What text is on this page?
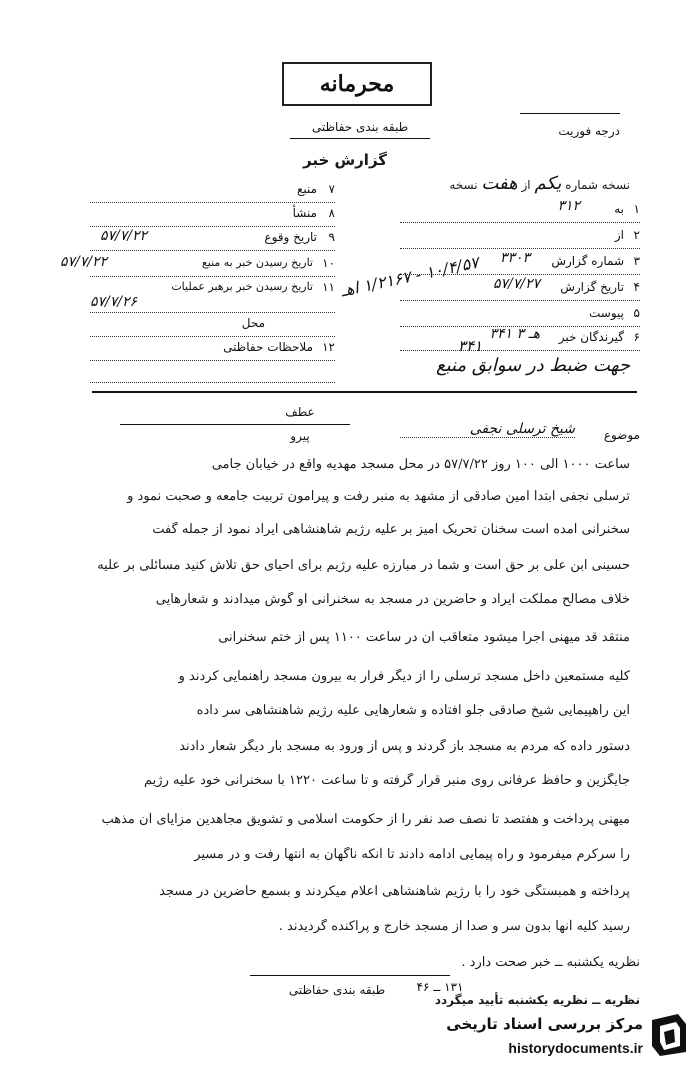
محرمانه
طبقه بندی حفاظتی	درجه فوریت
گزارش خبر
نسخه شماره یکم از هفت نسخه
۷
منبع
۸
منشأ
۹
تاریخ وقوع
۵۷/۷/۲۲
۱۰
تاریخ رسیدن خبر به منبع
۵۷/۷/۲۲
۱۱
تاریخ رسیدن خبر برهبر عملیات
۵۷/۷/۲۶
محل
۱۲
ملاحظات حفاظتی
۱
به
۳۱۲
۲
از
۳
شماره گزارش
۳۳۰۳
۴
تاریخ گزارش
۵۷/۷/۲۷
۵
پیوست
۶
گیرندگان خبر
هـ ۳ ۳۴۱
۱۰/۴/۵۷ - ۱/۲۱۶۷ اهـ
۳۴۱
جهت ضبط در سوابق منبع
موضوع
شیخ ترسلی نجفی
عطف
پیرو
ساعت ۱۰۰۰ الی ۱۰۰ روز ۵۷/۷/۲۲ در محل مسجد مهدیه واقع در خیابان جامی
ترسلی نجفی ابتدا امین صادقی از مشهد به منبر رفت و پیرامون تربیت جامعه و صحبت نمود و
سخنرانی آمده است سخنان تحریک آمیز بر علیه رژیم شاهنشاهی ایراد نمود از جمله گفت
حسینی ابن علی بر حق است و شما در مبارزه علیه رژیم برای احیای حق تلاش کنید مسائلی بر علیه
خلاف مصالح مملکت ایراد و حاضرین در مسجد به سخنرانی او گوش میدادند و شعارهایی
منتقد قد میهنی اجرا میشود متعاقب آن در ساعت ۱۱۰۰ پس از ختم سخنرانی
کلیه مستمعین داخل مسجد ترسلی را از دیگر فرار به بیرون مسجد راهنمایی کردند و
این راهپیمایی شیخ صادقی جلو افتاده و شعارهایی علیه رژیم شاهنشاهی سر داده
دستور داده که مردم به مسجد باز گردند و پس از ورود به مسجد بار دیگر شعار دادند
جایگزین و حافظ عرفانی روی منبر قرار گرفته و تا ساعت ۱۲۲۰ با سخنرانی خود علیه رژیم
میهنی پرداخت و هفتصد تا نصف صد نفر را از حکومت اسلامی و تشویق مجاهدین مزایای آن مذهب
را سرکرم میفرمود و راه پیمایی ادامه دادند تا آنکه ناگهان به انتها رفت و در مسیر
پرداخته و همبستگی خود را با رژیم شاهنشاهی اعلام میکردند و بسمع حاضرین در مسجد
رسید کلیه آنها بدون سر و صدا از مسجد خارج و پراکنده گردیدند .
نظریه یکشنبه ــ خبر صحت دارد .
۱۳۱ ــ ۴۶
طبقه بندی حفاظتی
نظریه ــ نظریه یکشنبه تأیید میگردد
مرکز بررسی اسناد تاریخی
historydocuments.ir
